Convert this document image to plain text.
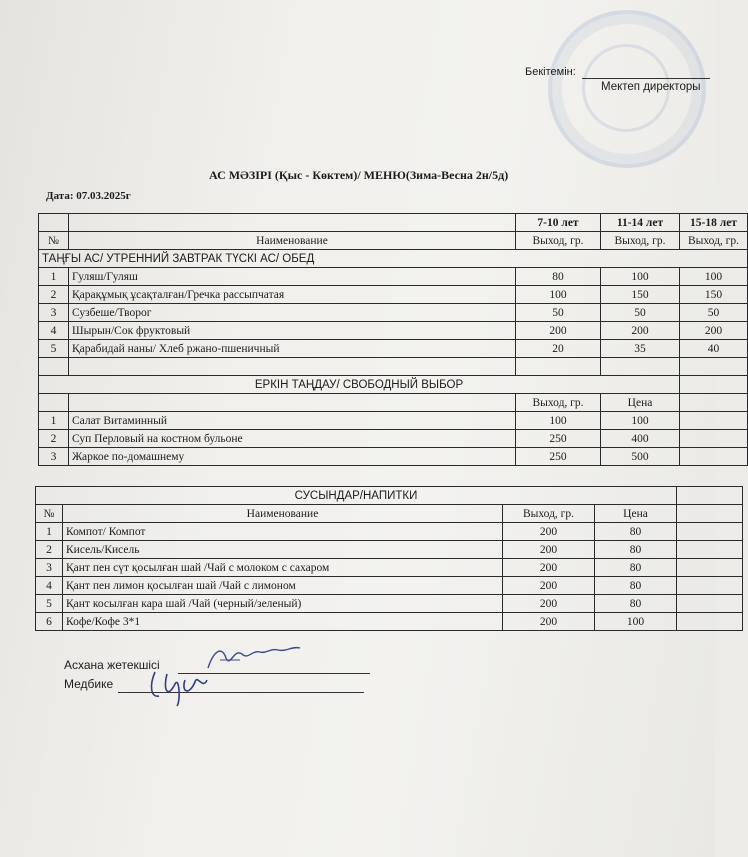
Бекітемін:
Мектеп директоры
АС МӘЗІРІ (Қыс - Көктем)/ МЕНЮ(Зима-Весна 2н/5д)
Дата: 07.03.2025г
		7-10 лет	11-14 лет	15-18 лет
№	Наименование	Выход, гр.	Выход, гр.	Выход, гр.
ТАҢҒЫ АС/ УТРЕННИЙ ЗАВТРАК ТҮСКІ АС/ ОБЕД				
1	Гуляш/Гуляш	80	100	100
2	Қарақұмық ұсақталған/Гречка рассыпчатая	100	150	150
3	Сузбеше/Творог	50	50	50
4	Шырын/Сок фруктовый	200	200	200
5	Қарабидай наны/ Хлеб ржано-пшеничный	20	35	40

ЕРКІН ТАҢДАУ/ СВОБОДНЫЙ ВЫБОР				
		Выход, гр.	Цена	
1	Салат Витаминный	100	100	
2	Суп Перловый на костном бульоне	250	400	
3	Жаркое по-домашнему	250	500	
СУСЫНДАР/НАПИТКИ				
№	Наименование	Выход, гр.	Цена	
1	Компот/ Компот	200	80	
2	Кисель/Кисель	200	80	
3	Қант пен сүт қосылған шай /Чай с молоком с сахаром	200	80	
4	Қант пен лимон қосылған шай /Чай с лимоном	200	80	
5	Қант косылған кара шай /Чай (черный/зеленый)	200	80	
6	Кофе/Кофе 3*1	200	100	
Асхана жетекшісі
Медбике
